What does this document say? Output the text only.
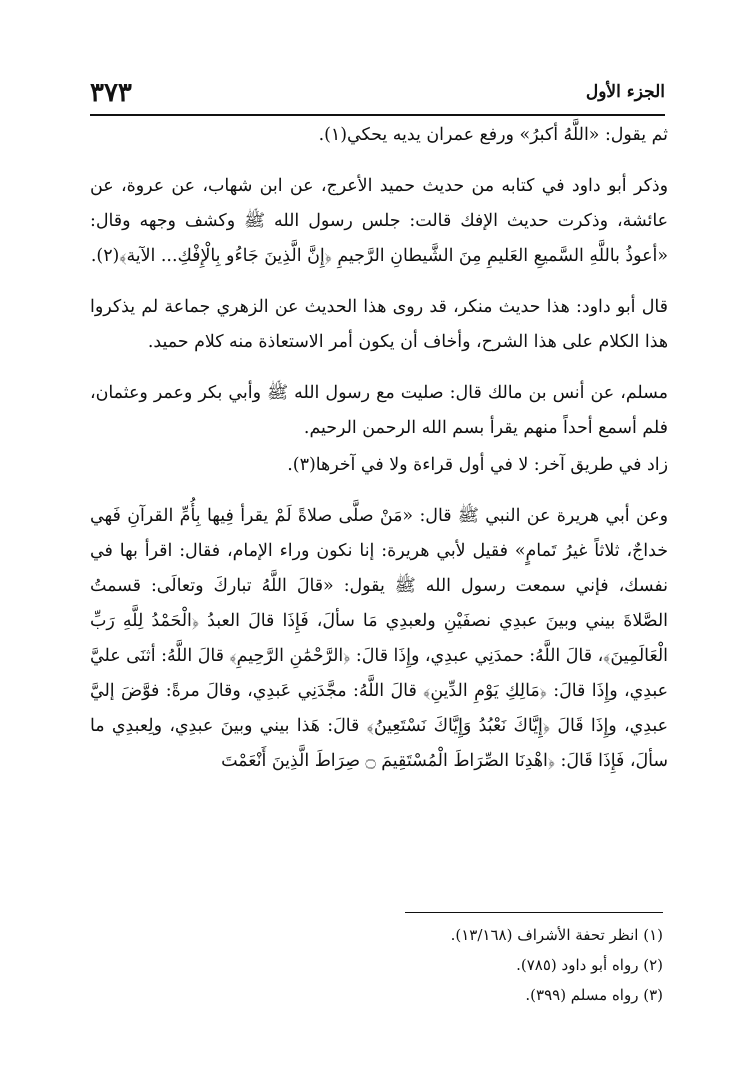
الجزء الأول
٣٧٣

ثم يقول: «اللَّهُ أكبرُ» ورفع عمران يديه يحكي(١).

وذكر أبو داود في كتابه من حديث حميد الأعرج، عن ابن شهاب، عن عروة، عن عائشة، وذكرت حديث الإفك قالت: جلس رسول الله ﷺ وكشف وجهه وقال: «أعوذُ باللَّهِ السَّميعِ العَليمِ مِنَ الشَّيطانِ الرَّجيمِ ﴿إِنَّ الَّذِينَ جَاءُو بِالْإِفْكِ... الآية﴾(٢).

قال أبو داود: هذا حديث منكر، قد روى هذا الحديث عن الزهري جماعة لم يذكروا هذا الكلام على هذا الشرح، وأخاف أن يكون أمر الاستعاذة منه كلام حميد.

مسلم، عن أنس بن مالك قال: صليت مع رسول الله ﷺ وأبي بكر وعمر وعثمان، فلم أسمع أحداً منهم يقرأ بسم الله الرحمن الرحيم.

زاد في طريق آخر: لا في أول قراءة ولا في آخرها(٣).

وعن أبي هريرة عن النبي ﷺ قال: «مَنْ صلَّى صلاةً لَمْ يقرأ فِيها بِأُمِّ القرآنِ فَهي خداجٌ، ثلاثاً غيرُ تَمامٍ» فقيل لأبي هريرة: إنا نكون وراء الإمام، فقال: اقرأ بها في نفسك، فإني سمعت رسول الله ﷺ يقول: «قالَ اللَّهُ تباركَ وتعالَى: قسمتُ الصَّلاةَ بيني وبينَ عبدِي نصفَيْنِ ولعبدِي مَا سألَ، فَإِذَا قالَ العبدُ ﴿الْحَمْدُ لِلَّهِ رَبِّ الْعَالَمِينَ﴾، قالَ اللَّهُ: حمدَنِي عبدِي، وإِذَا قالَ: ﴿الرَّحْمَٰنِ الرَّحِيمِ﴾ قالَ اللَّهُ: أثنَى عليَّ عبدِي، وإِذَا قالَ: ﴿مَالِكِ يَوْمِ الدِّينِ﴾ قالَ اللَّهُ: مجَّدَنِي عَبدِي، وقالَ مرةً: فوَّضَ إليَّ عبدِي، وإِذَا قَالَ ﴿إِيَّاكَ نَعْبُدُ وَإِيَّاكَ نَسْتَعِينُ﴾ قالَ: هَذا بيني وبينَ عبدِي، ولِعبدِي ما سألَ، فَإِذَا قَالَ: ﴿اهْدِنَا الصِّرَاطَ الْمُسْتَقِيمَ ۝ صِرَاطَ الَّذِينَ أَنْعَمْتَ

(١) انظر تحفة الأشراف (١٣/١٦٨).

(٢) رواه أبو داود (٧٨٥).

(٣) رواه مسلم (٣٩٩).
